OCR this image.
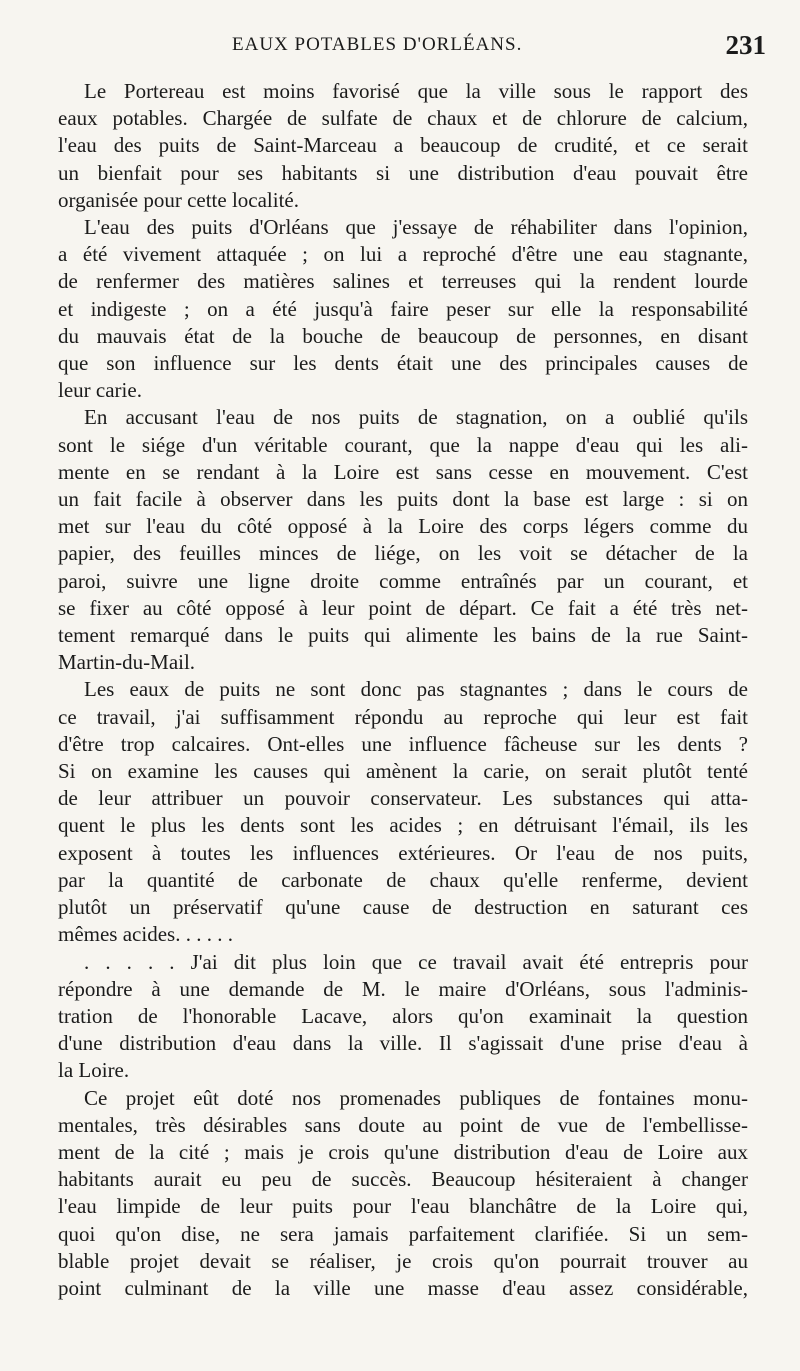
EAUX POTABLES D'ORLÉANS.	231
Le Portereau est moins favorisé que la ville sous le rapport des
eaux potables. Chargée de sulfate de chaux et de chlorure de calcium,
l'eau des puits de Saint-Marceau a beaucoup de crudité, et ce serait
un bienfait pour ses habitants si une distribution d'eau pouvait être
organisée pour cette localité.
L'eau des puits d'Orléans que j'essaye de réhabiliter dans l'opinion,
a été vivement attaquée ; on lui a reproché d'être une eau stagnante,
de renfermer des matières salines et terreuses qui la rendent lourde
et indigeste ; on a été jusqu'à faire peser sur elle la responsabilité
du mauvais état de la bouche de beaucoup de personnes, en disant
que son influence sur les dents était une des principales causes de
leur carie.
En accusant l'eau de nos puits de stagnation, on a oublié qu'ils
sont le siége d'un véritable courant, que la nappe d'eau qui les ali-
mente en se rendant à la Loire est sans cesse en mouvement. C'est
un fait facile à observer dans les puits dont la base est large : si on
met sur l'eau du côté opposé à la Loire des corps légers comme du
papier, des feuilles minces de liége, on les voit se détacher de la
paroi, suivre une ligne droite comme entraînés par un courant, et
se fixer au côté opposé à leur point de départ. Ce fait a été très net-
tement remarqué dans le puits qui alimente les bains de la rue Saint-
Martin-du-Mail.
Les eaux de puits ne sont donc pas stagnantes ; dans le cours de
ce travail, j'ai suffisamment répondu au reproche qui leur est fait
d'être trop calcaires. Ont-elles une influence fâcheuse sur les dents ?
Si on examine les causes qui amènent la carie, on serait plutôt tenté
de leur attribuer un pouvoir conservateur. Les substances qui atta-
quent le plus les dents sont les acides ; en détruisant l'émail, ils les
exposent à toutes les influences extérieures. Or l'eau de nos puits,
par la quantité de carbonate de chaux qu'elle renferme, devient
plutôt un préservatif qu'une cause de destruction en saturant ces
mêmes acides. . . . . .
. . . . . J'ai dit plus loin que ce travail avait été entrepris pour
répondre à une demande de M. le maire d'Orléans, sous l'adminis-
tration de l'honorable Lacave, alors qu'on examinait la question
d'une distribution d'eau dans la ville. Il s'agissait d'une prise d'eau à
la Loire.
Ce projet eût doté nos promenades publiques de fontaines monu-
mentales, très désirables sans doute au point de vue de l'embellisse-
ment de la cité ; mais je crois qu'une distribution d'eau de Loire aux
habitants aurait eu peu de succès. Beaucoup hésiteraient à changer
l'eau limpide de leur puits pour l'eau blanchâtre de la Loire qui,
quoi qu'on dise, ne sera jamais parfaitement clarifiée. Si un sem-
blable projet devait se réaliser, je crois qu'on pourrait trouver au
point culminant de la ville une masse d'eau assez considérable,
